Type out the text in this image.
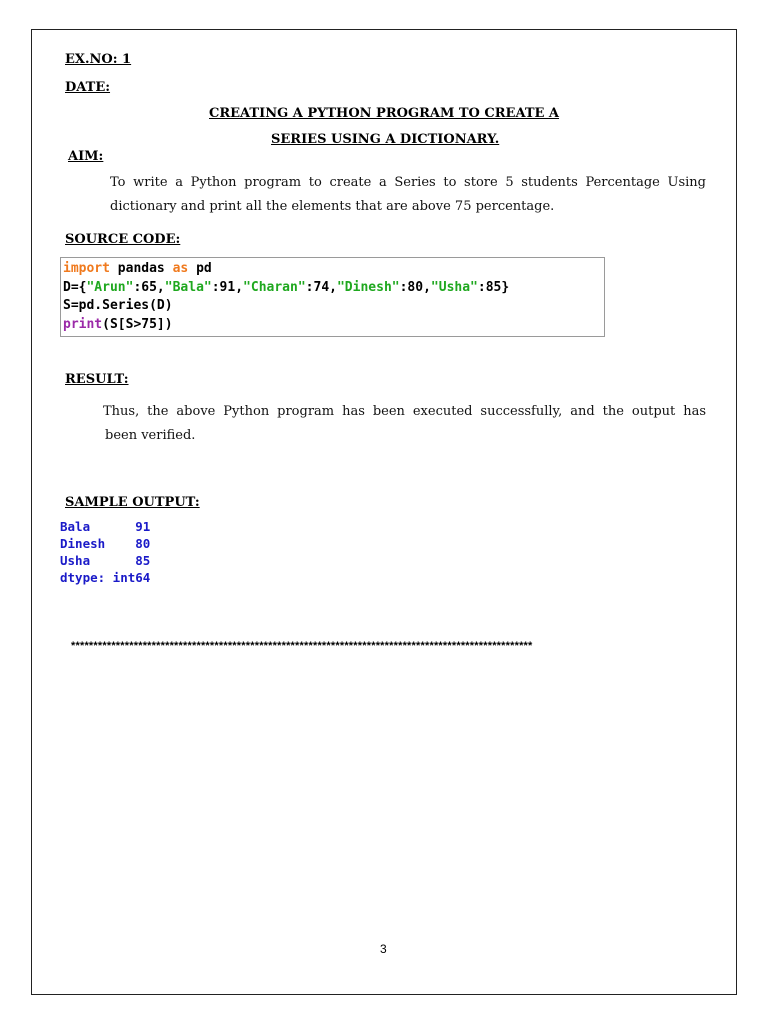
EX.NO: 1
DATE:
CREATING A PYTHON PROGRAM TO CREATE A
SERIES USING A DICTIONARY.
AIM:
To write a Python program to create a Series to store 5 students Percentage Using
dictionary and print all the elements that are above 75 percentage.
SOURCE CODE:
import pandas as pd
D={"Arun":65,"Bala":91,"Charan":74,"Dinesh":80,"Usha":85}
S=pd.Series(D)
print(S[S>75])
RESULT:
Thus, the above Python program has been executed successfully, and the output has
been verified.
SAMPLE OUTPUT:
Bala      91
Dinesh    80
Usha      85
dtype: int64
*******************************************************************************************************
3
